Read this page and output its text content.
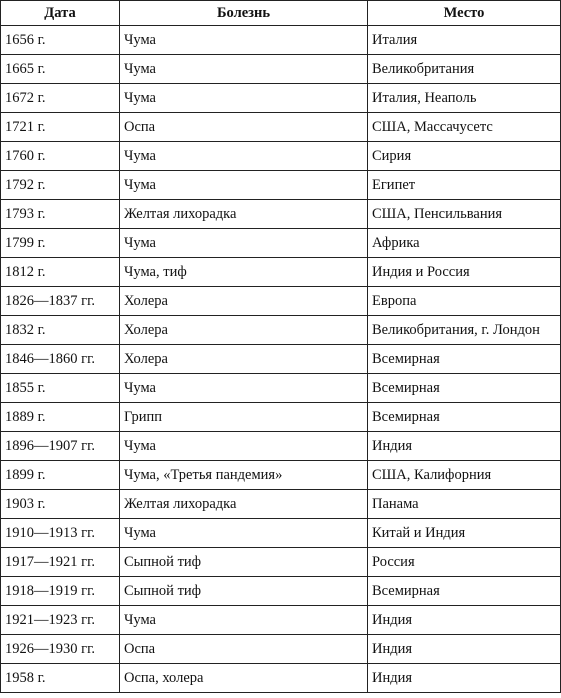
Дата	Болезнь	Место
1656 г.	Чума	Италия
1665 г.	Чума	Великобритания
1672 г.	Чума	Италия, Неаполь
1721 г.	Оспа	США, Массачусетс
1760 г.	Чума	Сирия
1792 г.	Чума	Египет
1793 г.	Желтая лихорадка	США, Пенсильвания
1799 г.	Чума	Африка
1812 г.	Чума, тиф	Индия и Россия
1826—1837 гг.	Холера	Европа
1832 г.	Холера	Великобритания, г. Лондон
1846—1860 гг.	Холера	Всемирная
1855 г.	Чума	Всемирная
1889 г.	Грипп	Всемирная
1896—1907 гг.	Чума	Индия
1899 г.	Чума, «Третья пандемия»	США, Калифорния
1903 г.	Желтая лихорадка	Панама
1910—1913 гг.	Чума	Китай и Индия
1917—1921 гг.	Сыпной тиф	Россия
1918—1919 гг.	Сыпной тиф	Всемирная
1921—1923 гг.	Чума	Индия
1926—1930 гг.	Оспа	Индия
1958 г.	Оспа, холера	Индия
